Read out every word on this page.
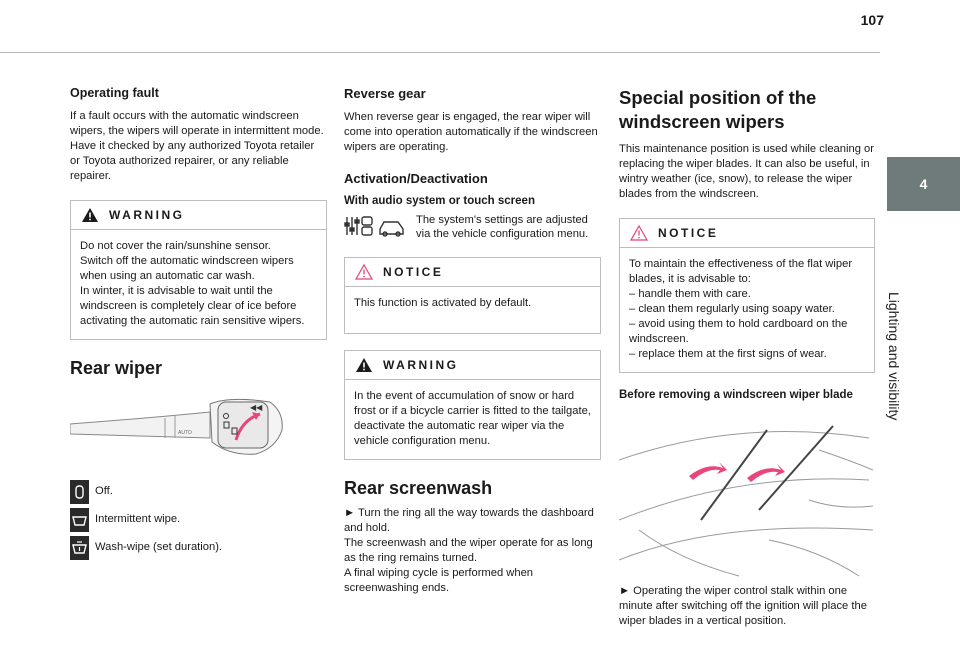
107
4
Lighting and visibility
Operating fault

If a fault occurs with the automatic windscreen wipers, the wipers will operate in intermittent mode.
Have it checked by any authorized Toyota retailer or Toyota authorized repairer, or any reliable repairer.

WARNING

Do not cover the rain/sunshine sensor.
Switch off the automatic windscreen wipers when using an automatic car wash.
In winter, it is advisable to wait until the windscreen is completely clear of ice before activating the automatic rain sensitive wipers.

Rear wiper
AUTO
◀◀

Off.

Intermittent wipe.

Wash-wipe (set duration).

Reverse gear

When reverse gear is engaged, the rear wiper will come into operation automatically if the windscreen wipers are operating.

Activation/Deactivation
With audio system or touch screen

The system's settings are adjusted via the vehicle configuration menu.

NOTICE

This function is activated by default.

WARNING

In the event of accumulation of snow or hard frost or if a bicycle carrier is fitted to the tailgate, deactivate the automatic rear wiper via the vehicle configuration menu.

Rear screenwash

► Turn the ring all the way towards the dashboard and hold.
The screenwash and the wiper operate for as long as the ring remains turned.
A final wiping cycle is performed when screenwashing ends.

Special position of the windscreen wipers

This maintenance position is used while cleaning or replacing the wiper blades. It can also be useful, in wintry weather (ice, snow), to release the wiper blades from the windscreen.

NOTICE

To maintain the effectiveness of the flat wiper blades, it is advisable to:
– handle them with care.
– clean them regularly using soapy water.
– avoid using them to hold cardboard on the windscreen.
– replace them at the first signs of wear.

Before removing a windscreen wiper blade

► Operating the wiper control stalk within one minute after switching off the ignition will place the wiper blades in a vertical position.
